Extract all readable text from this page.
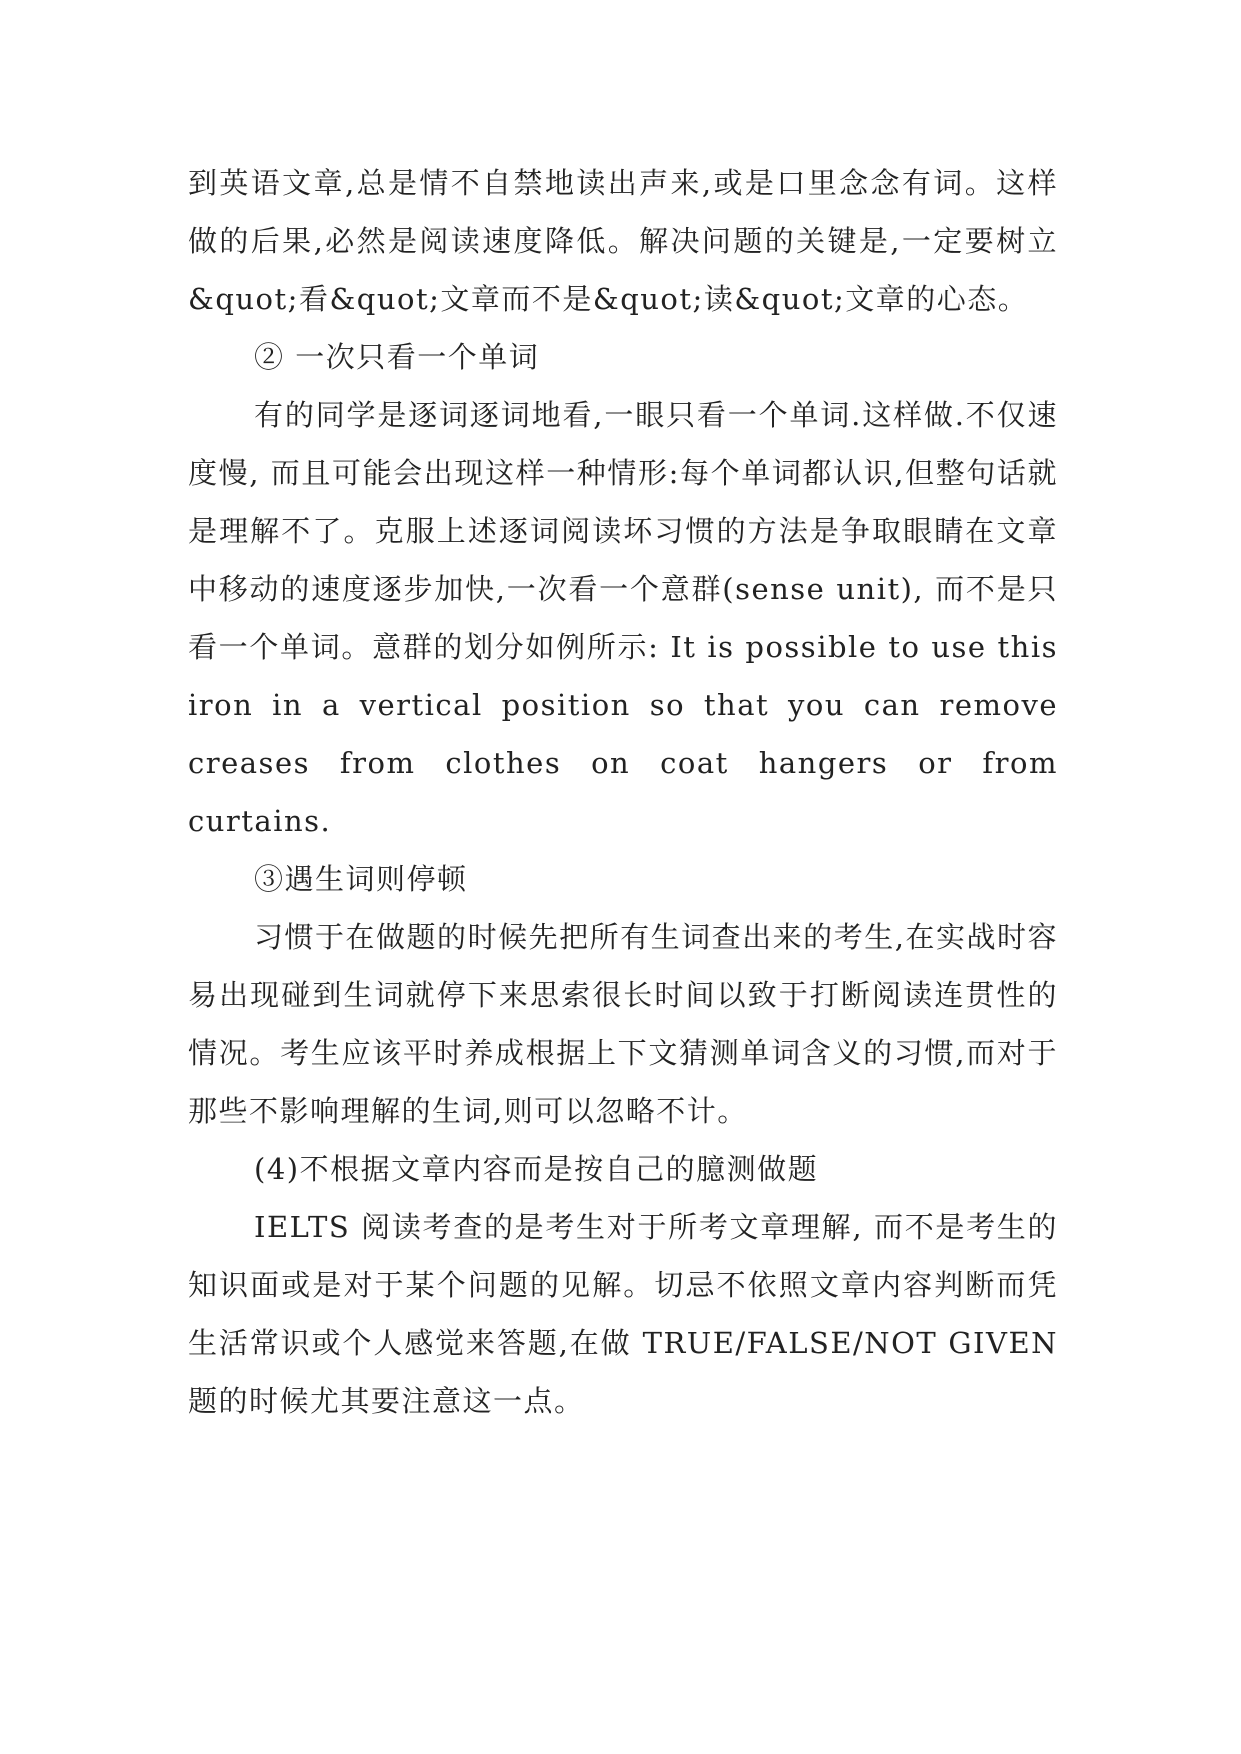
到英语文章,总是情不自禁地读出声来,或是口里念念有词。这样做的后果,必然是阅读速度降低。解决问题的关键是,一定要树立&quot;看&quot;文章而不是&quot;读&quot;文章的心态。

② 一次只看一个单词

有的同学是逐词逐词地看,一眼只看一个单词.这样做.不仅速度慢, 而且可能会出现这样一种情形:每个单词都认识,但整句话就是理解不了。克服上述逐词阅读坏习惯的方法是争取眼睛在文章中移动的速度逐步加快,一次看一个意群(sense unit), 而不是只看一个单词。意群的划分如例所示: It is possible to use this iron in a vertical position so that you can remove creases from clothes on coat hangers or from curtains.

③遇生词则停顿

习惯于在做题的时候先把所有生词查出来的考生,在实战时容易出现碰到生词就停下来思索很长时间以致于打断阅读连贯性的情况。考生应该平时养成根据上下文猜测单词含义的习惯,而对于那些不影响理解的生词,则可以忽略不计。

(4)不根据文章内容而是按自己的臆测做题

IELTS 阅读考查的是考生对于所考文章理解, 而不是考生的知识面或是对于某个问题的见解。切忌不依照文章内容判断而凭生活常识或个人感觉来答题,在做 TRUE/FALSE/NOT GIVEN 题的时候尤其要注意这一点。
